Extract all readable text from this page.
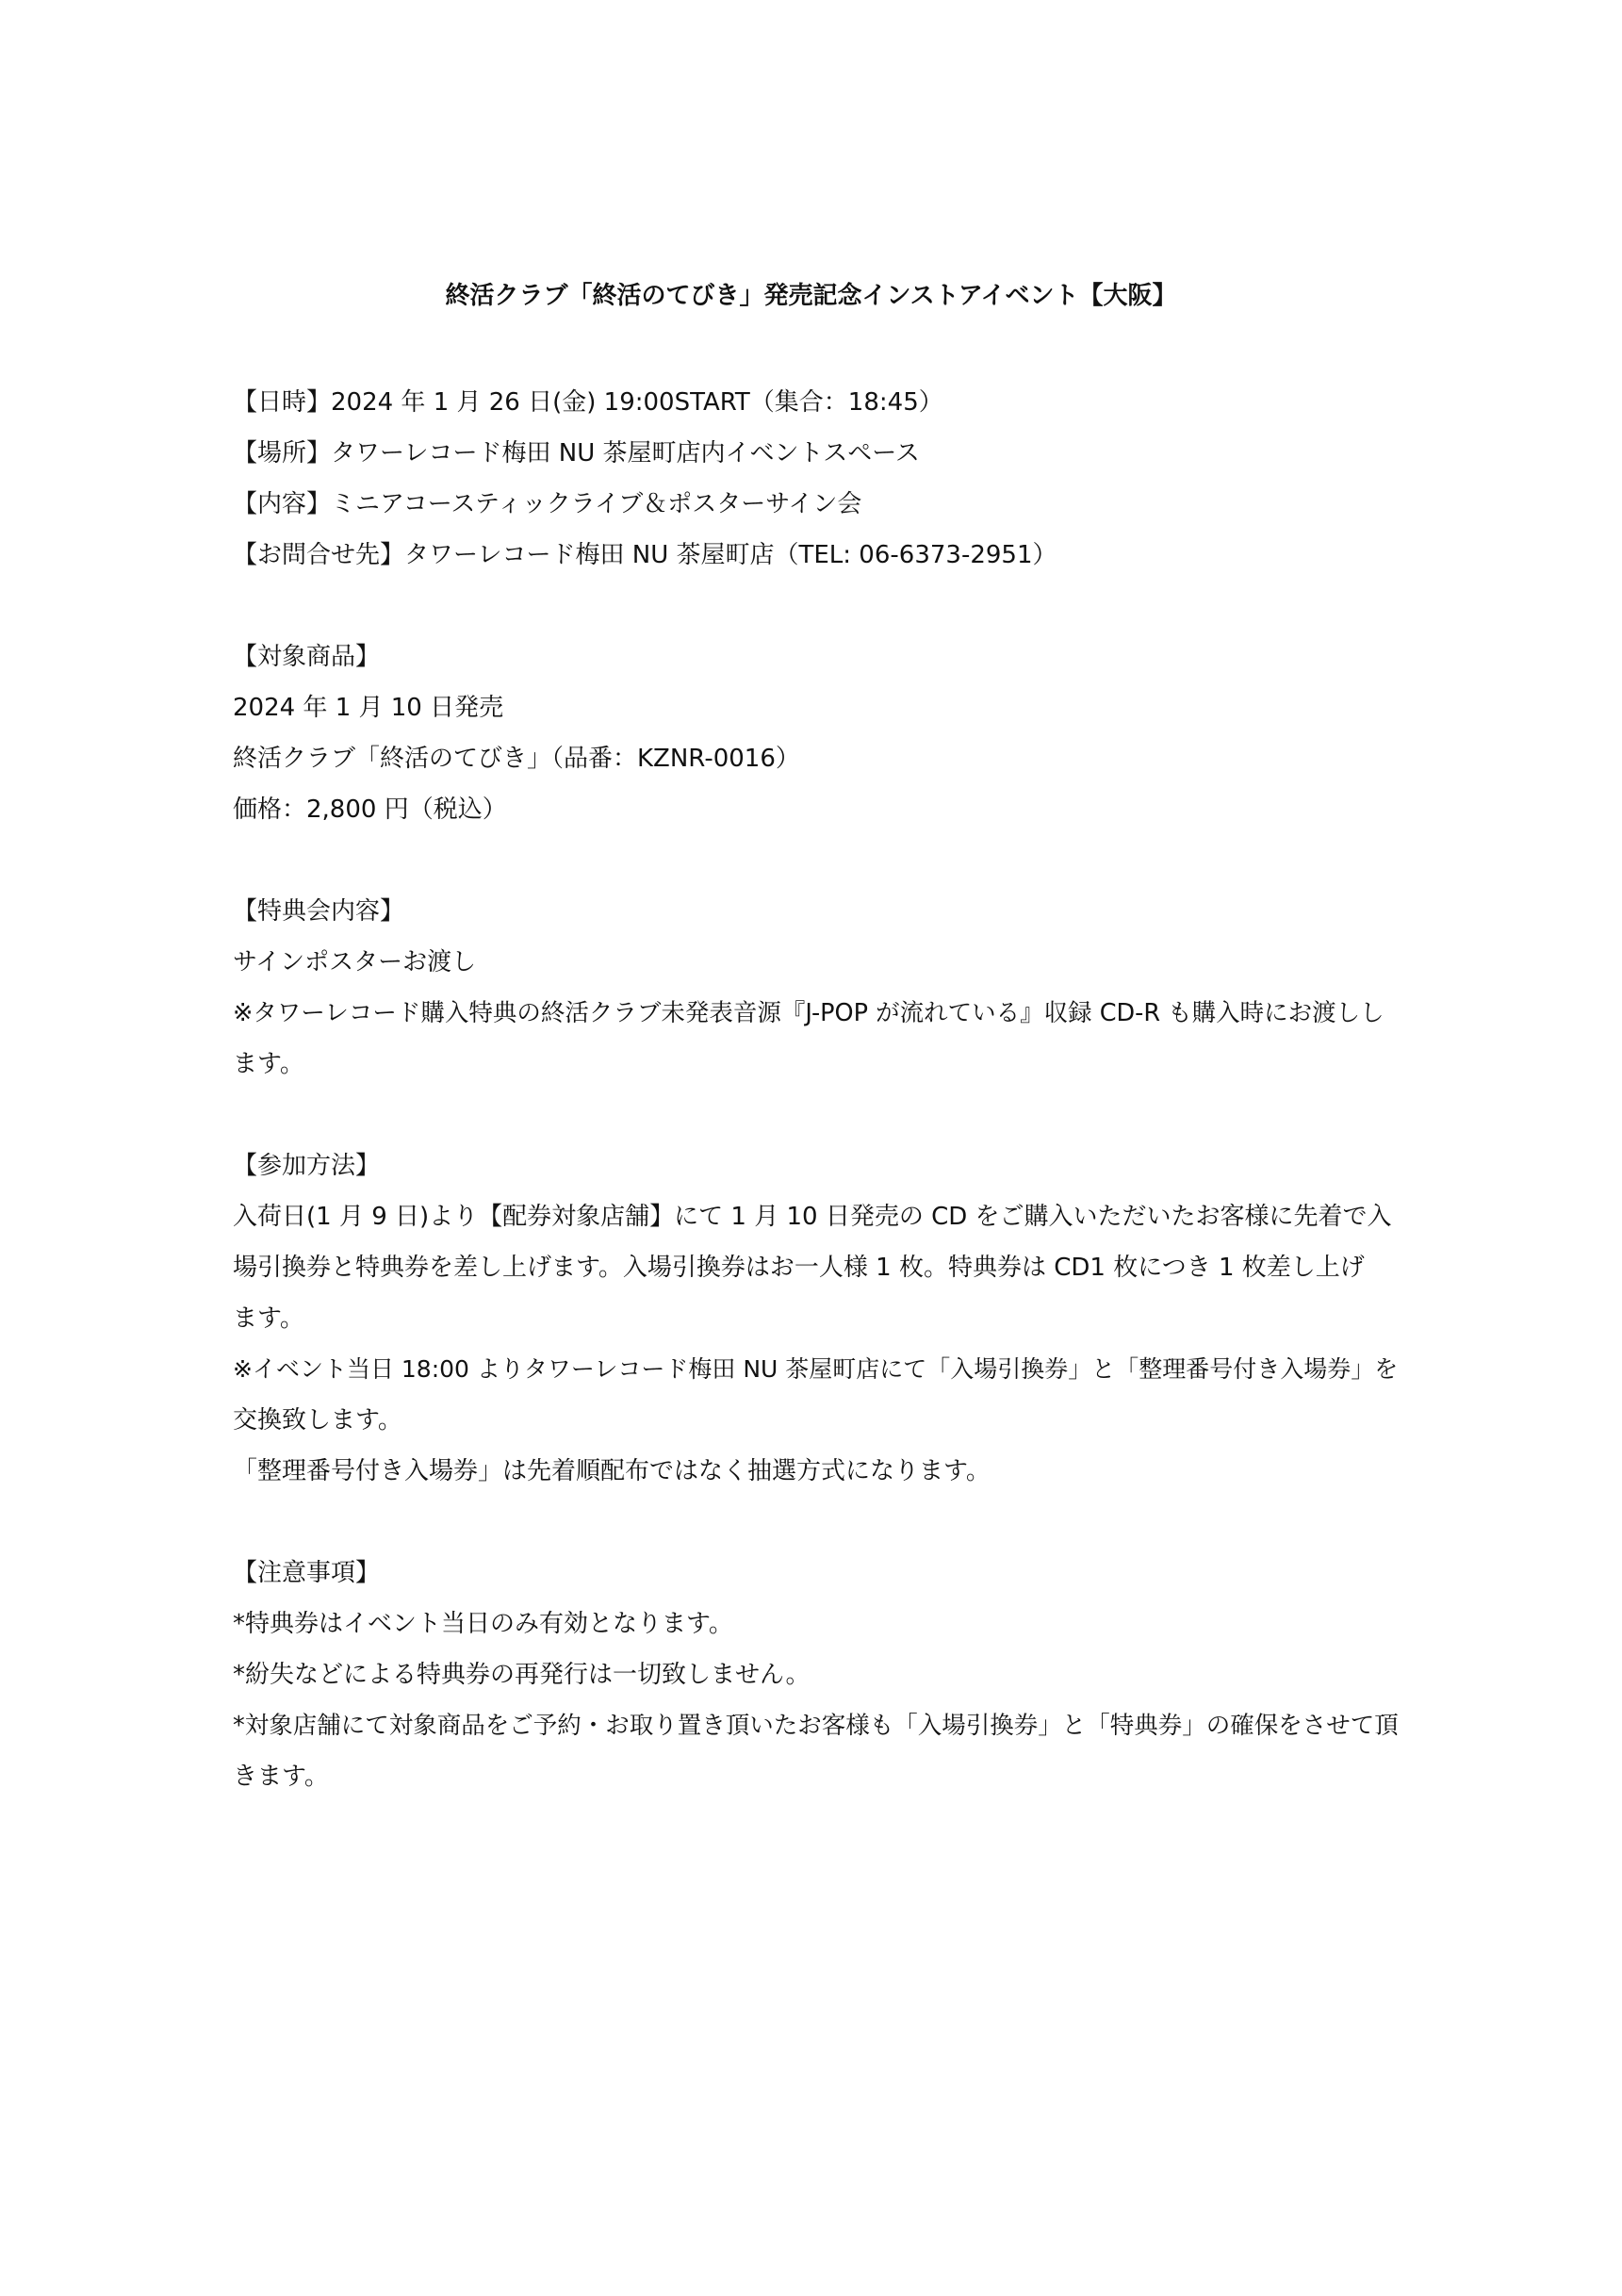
終活クラブ「終活のてびき」発売記念インストアイベント【大阪】
【日時】2024 年 1 月 26 日(金) 19:00START（集合：18:45）
【場所】タワーレコード梅田 NU 茶屋町店内イベントスペース
【内容】ミニアコースティックライブ＆ポスターサイン会
【お問合せ先】タワーレコード梅田 NU 茶屋町店（TEL: 06-6373-2951）
【対象商品】
2024 年 1 月 10 日発売
終活クラブ「終活のてびき」（品番：KZNR-0016）
価格：2,800 円（税込）
【特典会内容】
サインポスターお渡し
※タワーレコード購入特典の終活クラブ未発表音源『J-POP が流れている』収録 CD-R も購入時にお渡しし
ます。
【参加方法】
入荷日(1 月 9 日)より【配券対象店舗】にて 1 月 10 日発売の CD をご購入いただいたお客様に先着で入
場引換券と特典券を差し上げます。入場引換券はお一人様 1 枚。特典券は CD1 枚につき 1 枚差し上げ
ます。
※イベント当日 18:00 よりタワーレコード梅田 NU 茶屋町店にて「入場引換券」と「整理番号付き入場券」を
交換致します。
「整理番号付き入場券」は先着順配布ではなく抽選方式になります。
【注意事項】
*特典券はイベント当日のみ有効となります。
*紛失などによる特典券の再発行は一切致しません。
*対象店舗にて対象商品をご予約・お取り置き頂いたお客様も「入場引換券」と「特典券」の確保をさせて頂
きます。
